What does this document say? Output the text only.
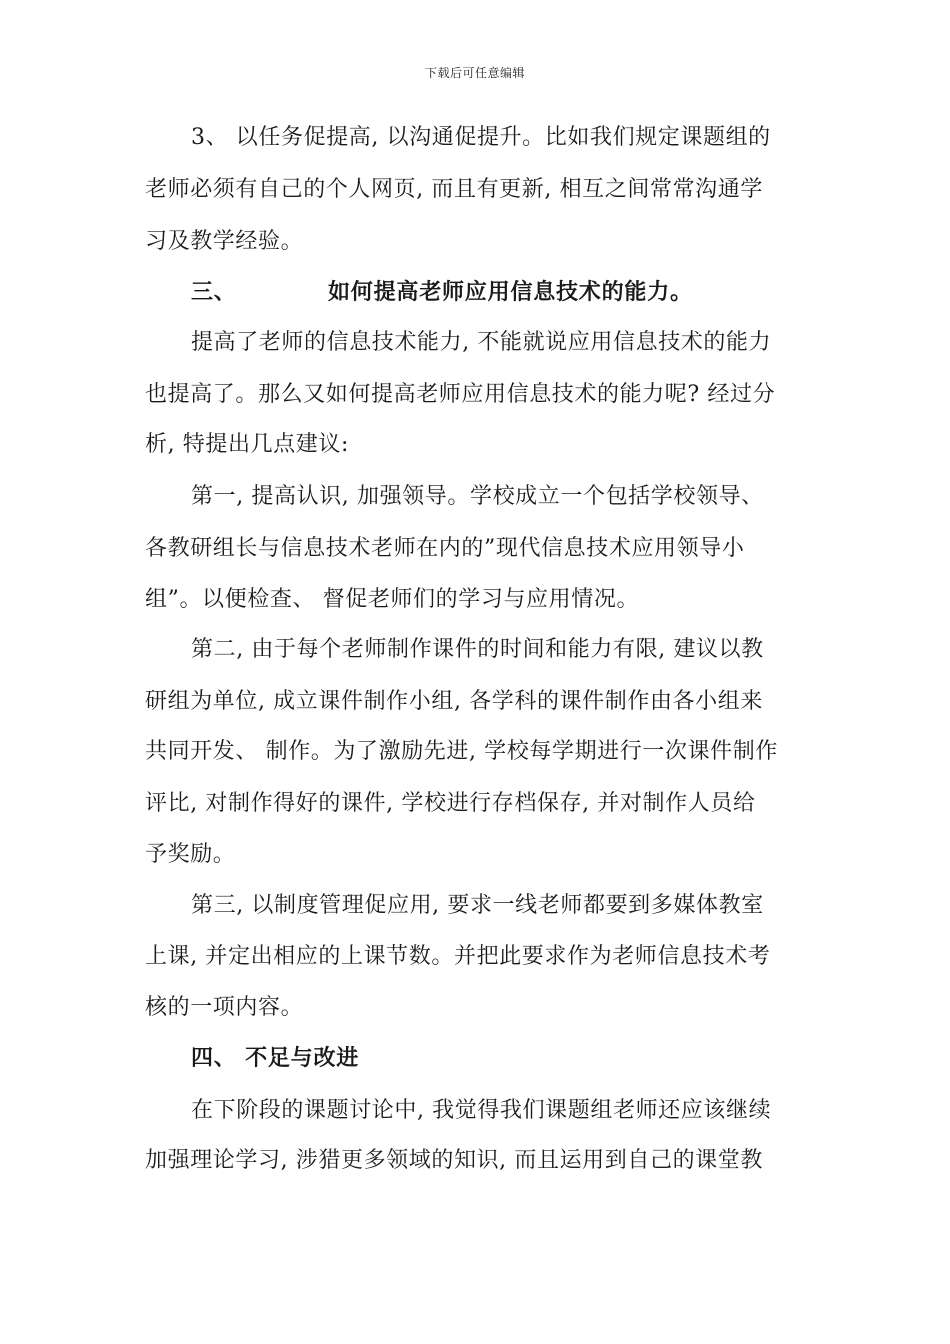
下载后可任意编辑
3、 以任务促提高, 以沟通促提升。比如我们规定课题组的
老师必须有自己的个人网页, 而且有更新, 相互之间常常沟通学
习及教学经验。
三、	如何提高老师应用信息技术的能力。
提高了老师的信息技术能力, 不能就说应用信息技术的能力
也提高了。那么又如何提高老师应用信息技术的能力呢? 经过分
析, 特提出几点建议:
第一, 提高认识, 加强领导。学校成立一个包括学校领导、
各教研组长与信息技术老师在内的”现代信息技术应用领导小
组”。以便检查、 督促老师们的学习与应用情况。
第二, 由于每个老师制作课件的时间和能力有限, 建议以教
研组为单位, 成立课件制作小组, 各学科的课件制作由各小组来
共同开发、 制作。为了激励先进, 学校每学期进行一次课件制作
评比, 对制作得好的课件, 学校进行存档保存, 并对制作人员给
予奖励。
第三, 以制度管理促应用, 要求一线老师都要到多媒体教室
上课, 并定出相应的上课节数。并把此要求作为老师信息技术考
核的一项内容。
四、 不足与改进
在下阶段的课题讨论中, 我觉得我们课题组老师还应该继续
加强理论学习, 涉猎更多领域的知识, 而且运用到自己的课堂教
